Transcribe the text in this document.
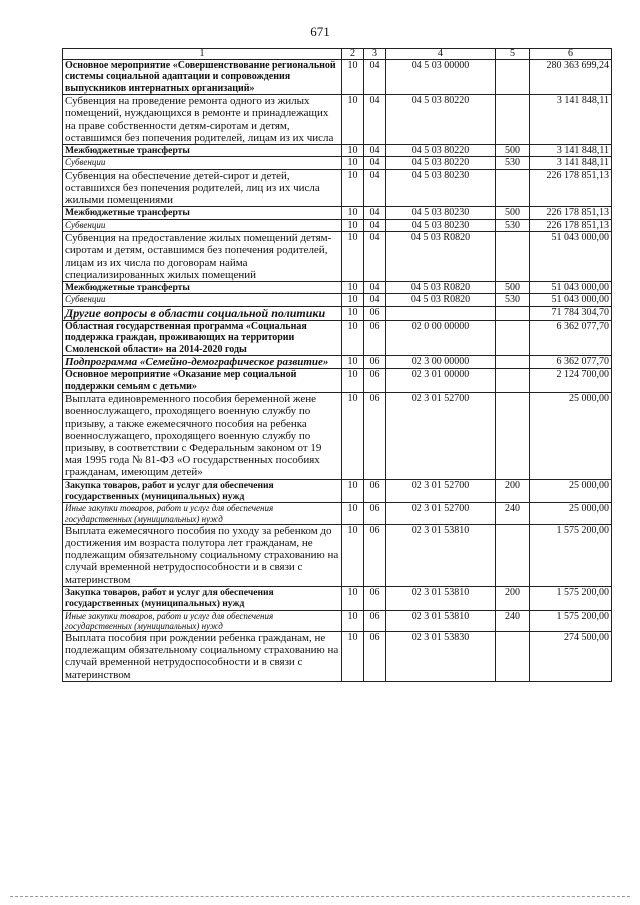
671
1	2	3	4	5	6
Основное мероприятие «Совершенствование региональной системы социальной адаптации и сопровождения выпускников интернатных организаций»	10	04	04 5 03 00000		280 363 699,24
Субвенция на проведение ремонта одного из жилых помещений, нуждающихся в ремонте и принадлежащих на праве собственности детям-сиротам и детям, оставшимся без попечения родителей, лицам из их числа	10	04	04 5 03 80220		3 141 848,11
Межбюджетные трансферты	10	04	04 5 03 80220	500	3 141 848,11
Субвенции	10	04	04 5 03 80220	530	3 141 848,11
Субвенция на обеспечение детей-сирот и детей, оставшихся без попечения родителей, лиц из их числа жилыми помещениями	10	04	04 5 03 80230		226 178 851,13
Межбюджетные трансферты	10	04	04 5 03 80230	500	226 178 851,13
Субвенции	10	04	04 5 03 80230	530	226 178 851,13
Субвенция на предоставление жилых помещений детям-сиротам и детям, оставшимся без попечения родителей, лицам из их числа по договорам найма специализированных жилых помещений	10	04	04 5 03 R0820		51 043 000,00
Межбюджетные трансферты	10	04	04 5 03 R0820	500	51 043 000,00
Субвенции	10	04	04 5 03 R0820	530	51 043 000,00
Другие вопросы в области социальной политики	10	06			71 784 304,70
Областная государственная программа «Социальная поддержка граждан, проживающих на территории Смоленской области» на 2014-2020 годы	10	06	02 0 00 00000		6 362 077,70
Подпрограмма «Семейно-демографическое развитие»	10	06	02 3 00 00000		6 362 077,70
Основное мероприятие «Оказание мер социальной поддержки семьям с детьми»	10	06	02 3 01 00000		2 124 700,00
Выплата единовременного пособия беременной жене военнослужащего, проходящего военную службу по призыву, а также ежемесячного пособия на ребенка военнослужащего, проходящего военную службу по призыву, в соответствии с Федеральным законом от 19 мая 1995 года № 81-ФЗ «О государственных пособиях гражданам, имеющим детей»	10	06	02 3 01 52700		25 000,00
Закупка товаров, работ и услуг для обеспечения государственных (муниципальных) нужд	10	06	02 3 01 52700	200	25 000,00
Иные закупки товаров, работ и услуг для обеспечения государственных (муниципальных) нужд	10	06	02 3 01 52700	240	25 000,00
Выплата ежемесячного пособия по уходу за ребенком до достижения им возраста полутора лет гражданам, не подлежащим обязательному социальному страхованию на случай временной нетрудоспособности и в связи с материнством	10	06	02 3 01 53810		1 575 200,00
Закупка товаров, работ и услуг для обеспечения государственных (муниципальных) нужд	10	06	02 3 01 53810	200	1 575 200,00
Иные закупки товаров, работ и услуг для обеспечения государственных (муниципальных) нужд	10	06	02 3 01 53810	240	1 575 200,00
Выплата пособия при рождении ребенка гражданам, не подлежащим обязательному социальному страхованию на случай временной нетрудоспособности и в связи с материнством	10	06	02 3 01 53830		274 500,00
